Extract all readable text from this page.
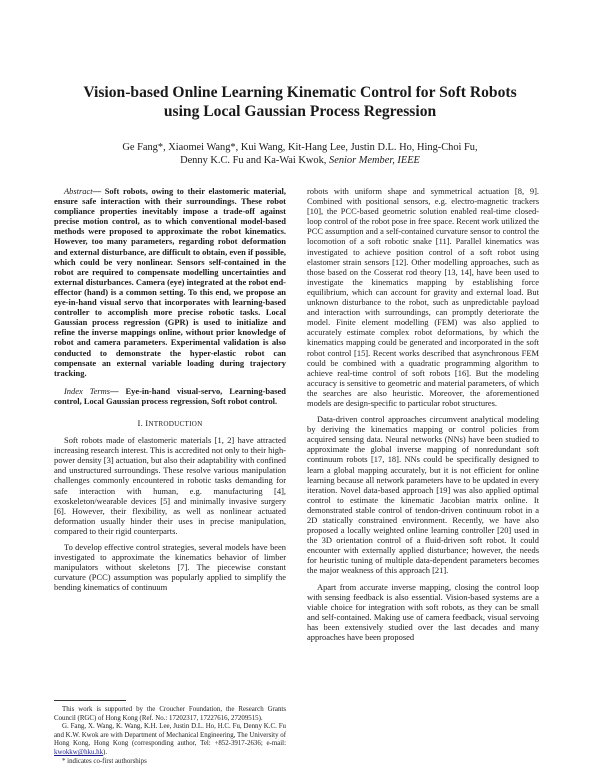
Vision-based Online Learning Kinematic Control for Soft Robots
using Local Gaussian Process Regression
Ge Fang*, Xiaomei Wang*, Kui Wang, Kit-Hang Lee, Justin D.L. Ho, Hing-Choi Fu,
Denny K.C. Fu and Ka-Wai Kwok, Senior Member, IEEE

Abstract— Soft robots, owing to their elastomeric material, ensure safe interaction with their surroundings. These robot compliance properties inevitably impose a trade-off against precise motion control, as to which conventional model-based methods were proposed to approximate the robot kinematics. However, too many parameters, regarding robot deformation and external disturbance, are difficult to obtain, even if possible, which could be very nonlinear. Sensors self-contained in the robot are required to compensate modelling uncertainties and external disturbances. Camera (eye) integrated at the robot end-effector (hand) is a common setting. To this end, we propose an eye-in-hand visual servo that incorporates with learning-based controller to accomplish more precise robotic tasks. Local Gaussian process regression (GPR) is used to initialize and refine the inverse mappings online, without prior knowledge of robot and camera parameters. Experimental validation is also conducted to demonstrate the hyper-elastic robot can compensate an external variable loading during trajectory tracking.

Index Terms— Eye-in-hand visual-servo, Learning-based control, Local Gaussian process regression, Soft robot control.

I. INTRODUCTION

Soft robots made of elastomeric materials [1, 2] have attracted increasing research interest. This is accredited not only to their high-power density [3] actuation, but also their adaptability with confined and unstructured surroundings. These resolve various manipulation challenges commonly encountered in robotic tasks demanding for safe interaction with human, e.g. manufacturing [4], exoskeleton/wearable devices [5] and minimally invasive surgery [6]. However, their flexibility, as well as nonlinear actuated deformation usually hinder their uses in precise manipulation, compared to their rigid counterparts.

To develop effective control strategies, several models have been investigated to approximate the kinematics behavior of limber manipulators without skeletons [7]. The piecewise constant curvature (PCC) assumption was popularly applied to simplify the bending kinematics of continuum

robots with uniform shape and symmetrical actuation [8, 9]. Combined with positional sensors, e.g. electro-magnetic trackers [10], the PCC-based geometric solution enabled real-time closed-loop control of the robot pose in free space. Recent work utilized the PCC assumption and a self-contained curvature sensor to control the locomotion of a soft robotic snake [11]. Parallel kinematics was investigated to achieve position control of a soft robot using elastomer strain sensors [12]. Other modelling approaches, such as those based on the Cosserat rod theory [13, 14], have been used to investigate the kinematics mapping by establishing force equilibrium, which can account for gravity and external load. But unknown disturbance to the robot, such as unpredictable payload and interaction with surroundings, can promptly deteriorate the model. Finite element modelling (FEM) was also applied to accurately estimate complex robot deformations, by which the kinematics mapping could be generated and incorporated in the soft robot control [15]. Recent works described that asynchronous FEM could be combined with a quadratic programming algorithm to achieve real-time control of soft robots [16]. But the modeling accuracy is sensitive to geometric and material parameters, of which the searches are also heuristic. Moreover, the aforementioned models are design-specific to particular robot structures.

Data-driven control approaches circumvent analytical modeling by deriving the kinematics mapping or control policies from acquired sensing data. Neural networks (NNs) have been studied to approximate the global inverse mapping of nonredundant soft continuum robots [17, 18]. NNs could be specifically designed to learn a global mapping accurately, but it is not efficient for online learning because all network parameters have to be updated in every iteration. Novel data-based approach [19] was also applied optimal control to estimate the kinematic Jacobian matrix online. It demonstrated stable control of tendon-driven continuum robot in a 2D statically constrained environment. Recently, we have also proposed a locally weighted online learning controller [20] used in the 3D orientation control of a fluid-driven soft robot. It could encounter with externally applied disturbance; however, the needs for heuristic tuning of multiple data-dependent parameters becomes the major weakness of this approach [21].

Apart from accurate inverse mapping, closing the control loop with sensing feedback is also essential. Vision-based systems are a viable choice for integration with soft robots, as they can be small and self-contained. Making use of camera feedback, visual servoing has been extensively studied over the last decades and many approaches have been proposed

This work is supported by the Croucher Foundation, the Research Grants Council (RGC) of Hong Kong (Ref. No.: 17202317, 17227616, 27209515).

G. Fang, X. Wang, K. Wang, K.H. Lee, Justin D.L. Ho, H.C. Fu, Denny K.C. Fu and K.W. Kwok are with Department of Mechanical Engineering, The University of Hong Kong, Hong Kong (corresponding author, Tel: +852-3917-2636; e-mail: kwokkw@hku.hk).

* indicates co-first authorships
